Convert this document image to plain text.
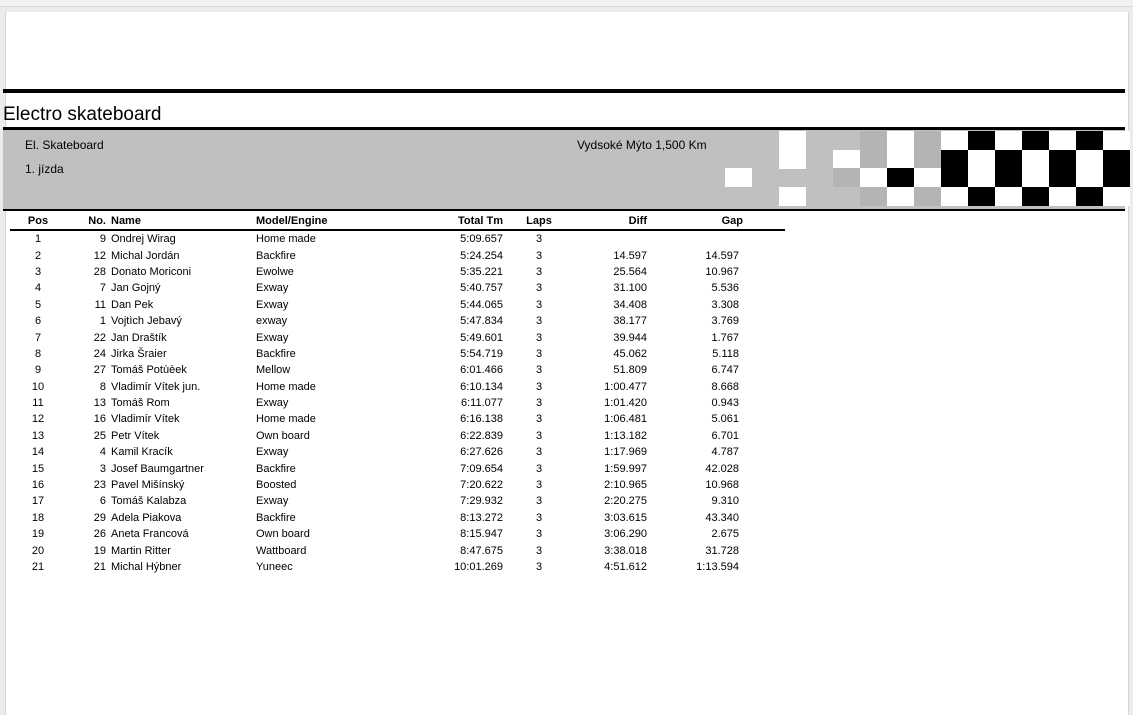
Electro skateboard
El. Skateboard
1. jízda
Vydsoké Mýto 1,500 Km
Pos	No.	Name	Model/Engine	Total Tm	Laps	Diff	Gap
1	9	Ondrej Wirag	Home made	5:09.657	3		
2	12	Michal Jordán	Backfire	5:24.254	3	14.597	14.597
3	28	Donato Moriconi	Ewolwe	5:35.221	3	25.564	10.967
4	7	Jan Gojný	Exway	5:40.757	3	31.100	5.536
5	11	Dan Pek	Exway	5:44.065	3	34.408	3.308
6	1	Vojtìch Jebavý	exway	5:47.834	3	38.177	3.769
7	22	Jan Draštík	Exway	5:49.601	3	39.944	1.767
8	24	Jirka Šraier	Backfire	5:54.719	3	45.062	5.118
9	27	Tomáš Potùèek	Mellow	6:01.466	3	51.809	6.747
10	8	Vladimír Vítek jun.	Home made	6:10.134	3	1:00.477	8.668
11	13	Tomáš Rom	Exway	6:11.077	3	1:01.420	0.943
12	16	Vladimír Vítek	Home made	6:16.138	3	1:06.481	5.061
13	25	Petr Vítek	Own board	6:22.839	3	1:13.182	6.701
14	4	Kamil Kracík	Exway	6:27.626	3	1:17.969	4.787
15	3	Josef Baumgartner	Backfire	7:09.654	3	1:59.997	42.028
16	23	Pavel Mišínský	Boosted	7:20.622	3	2:10.965	10.968
17	6	Tomáš Kalabza	Exway	7:29.932	3	2:20.275	9.310
18	29	Adela Piakova	Backfire	8:13.272	3	3:03.615	43.340
19	26	Aneta Francová	Own board	8:15.947	3	3:06.290	2.675
20	19	Martin Ritter	Wattboard	8:47.675	3	3:38.018	31.728
21	21	Michal Hýbner	Yuneec	10:01.269	3	4:51.612	1:13.594
